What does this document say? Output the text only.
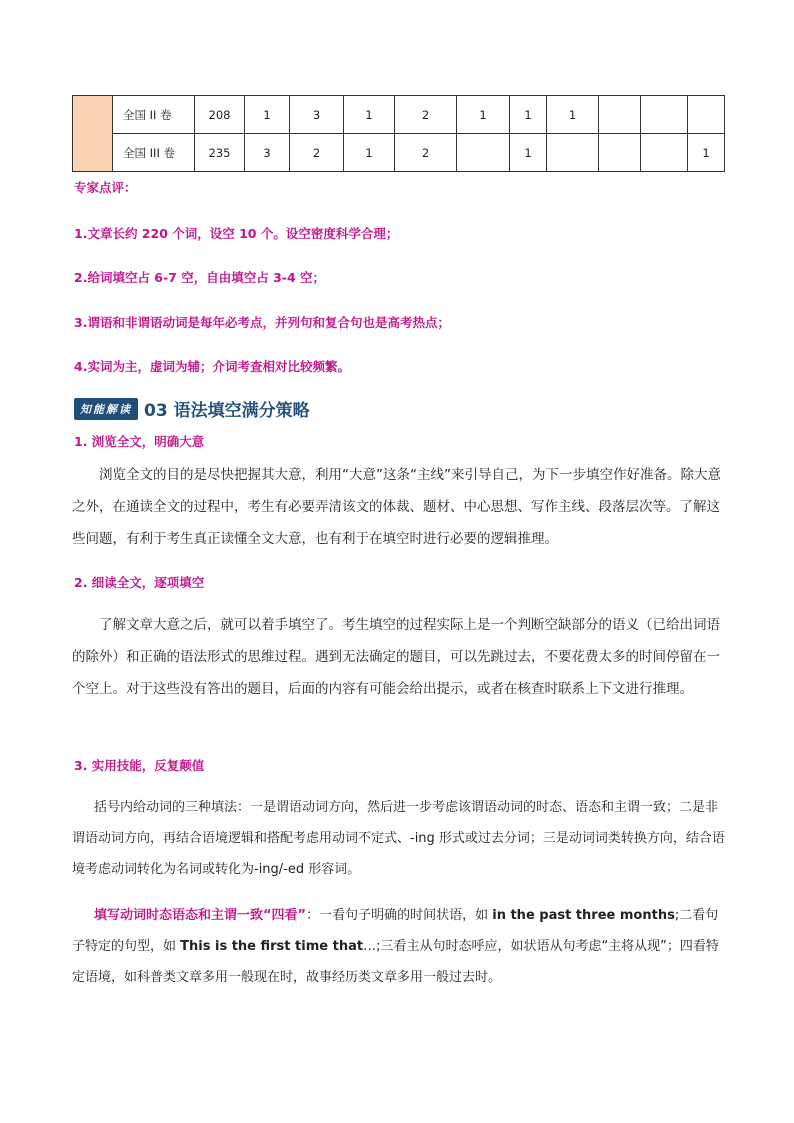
	全国 II 卷	208	1	3	1	2	1	1	1			
	全国 III 卷	235	3	2	1	2		1				1
专家点评：
1.文章长约 220 个词，设空 10 个。设空密度科学合理；
2.给词填空占 6-7 空，自由填空占 3-4 空；
3.谓语和非谓语动词是每年必考点，并列句和复合句也是高考热点；
4.实词为主，虚词为辅；介词考查相对比较频繁。
知能解读 03 语法填空满分策略
1. 浏览全文，明确大意
浏览全文的目的是尽快把握其大意，利用“大意”这条“主线”来引导自己，为下一步填空作好准备。除大意之外，在通读全文的过程中，考生有必要弄清该文的体裁、题材、中心思想、写作主线、段落层次等。了解这些问题，有利于考生真正读懂全文大意，也有利于在填空时进行必要的逻辑推理。
2. 细读全文，逐项填空
了解文章大意之后，就可以着手填空了。考生填空的过程实际上是一个判断空缺部分的语义（已给出词语的除外）和正确的语法形式的思维过程。遇到无法确定的题目，可以先跳过去，不要花费太多的时间停留在一个空上。对于这些没有答出的题目，后面的内容有可能会给出提示，或者在核查时联系上下文进行推理。
3. 实用技能，反复颠值
括号内给动词的三种填法：一是谓语动词方向，然后进一步考虑该谓语动词的时态、语态和主谓一致；二是非谓语动词方向，再结合语境逻辑和搭配考虑用动词不定式、-ing 形式或过去分词；三是动词词类转换方向，结合语境考虑动词转化为名词或转化为-ing/-ed 形容词。
填写动词时态语态和主谓一致“四看”：一看句子明确的时间状语，如 in the past three months;二看句子特定的句型，如 This is the first time that…;三看主从句时态呼应，如状语从句考虑“主将从现”；四看特定语境，如科普类文章多用一般现在时，故事经历类文章多用一般过去时。
